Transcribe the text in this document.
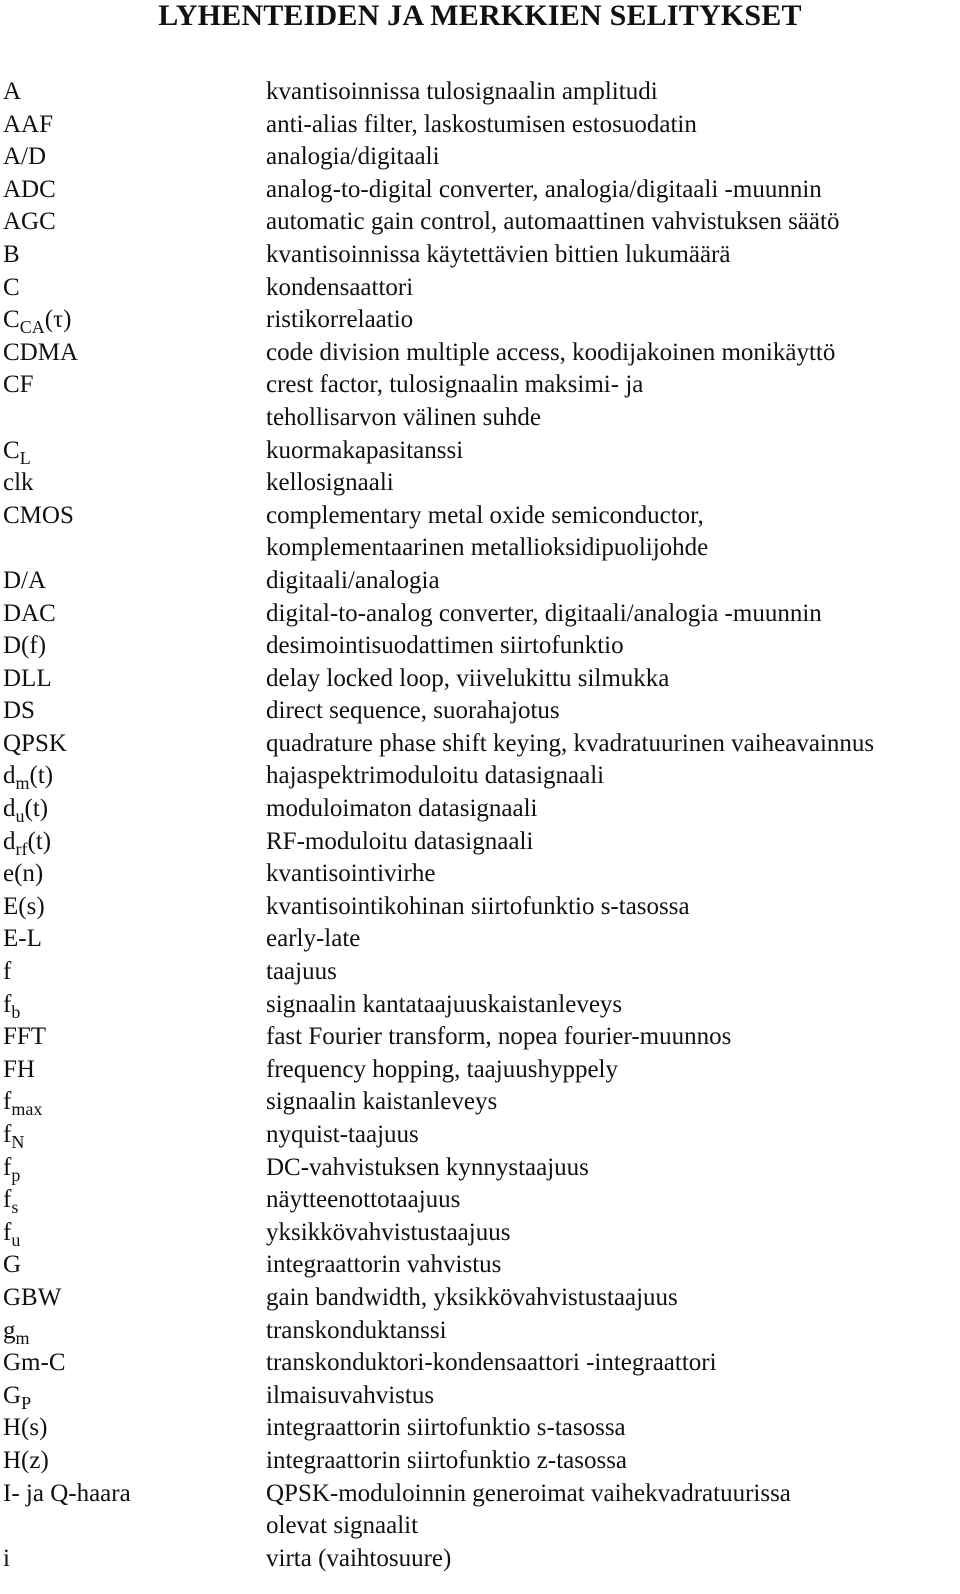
LYHENTEIDEN JA MERKKIEN SELITYKSET
A	kvantisoinnissa tulosignaalin amplitudi
AAF	anti-alias filter, laskostumisen estosuodatin
A/D	analogia/digitaali
ADC	analog-to-digital converter, analogia/digitaali -muunnin
AGC	automatic gain control, automaattinen vahvistuksen säätö
B	kvantisoinnissa käytettävien bittien lukumäärä
C	kondensaattori
$C_{CA}(\tau)$	ristikorrelaatio
CDMA	code division multiple access, koodijakoinen monikäyttö
CF	crest factor, tulosignaalin maksimi- ja
tehollisarvon välinen suhde
$C_L$	kuormakapasitanssi
clk	kellosignaali
CMOS	complementary metal oxide semiconductor,
komplementaarinen metallioksidipuolijohde
D/A	digitaali/analogia
DAC	digital-to-analog converter, digitaali/analogia -muunnin
D(f)	desimointisuodattimen siirtofunktio
DLL	delay locked loop, viivelukittu silmukka
DS	direct sequence, suorahajotus
QPSK	quadrature phase shift keying, kvadratuurinen vaiheavainnus
$d_m(t)$	hajaspektrimoduloitu datasignaali
$d_u(t)$	moduloimaton datasignaali
$d_{rf}(t)$	RF-moduloitu datasignaali
e(n)	kvantisointivirhe
E(s)	kvantisointikohinan siirtofunktio s-tasossa
E-L	early-late
f	taajuus
$f_b$	signaalin kantataajuuskaistanleveys
FFT	fast Fourier transform, nopea fourier-muunnos
FH	frequency hopping, taajuushyppely
$f_{max}$	signaalin kaistanleveys
$f_N$	nyquist-taajuus
$f_p$	DC-vahvistuksen kynnystaajuus
$f_s$	näytteenottotaajuus
$f_u$	yksikkövahvistustaajuus
G	integraattorin vahvistus
GBW	gain bandwidth, yksikkövahvistustaajuus
$g_m$	transkonduktanssi
Gm-C	transkonduktori-kondensaattori -integraattori
$G_P$	ilmaisuvahvistus
H(s)	integraattorin siirtofunktio s-tasossa
H(z)	integraattorin siirtofunktio z-tasossa
I- ja Q-haara	QPSK-moduloinnin generoimat vaihekvadratuurissa
olevat signaalit
i	virta (vaihtosuure)
